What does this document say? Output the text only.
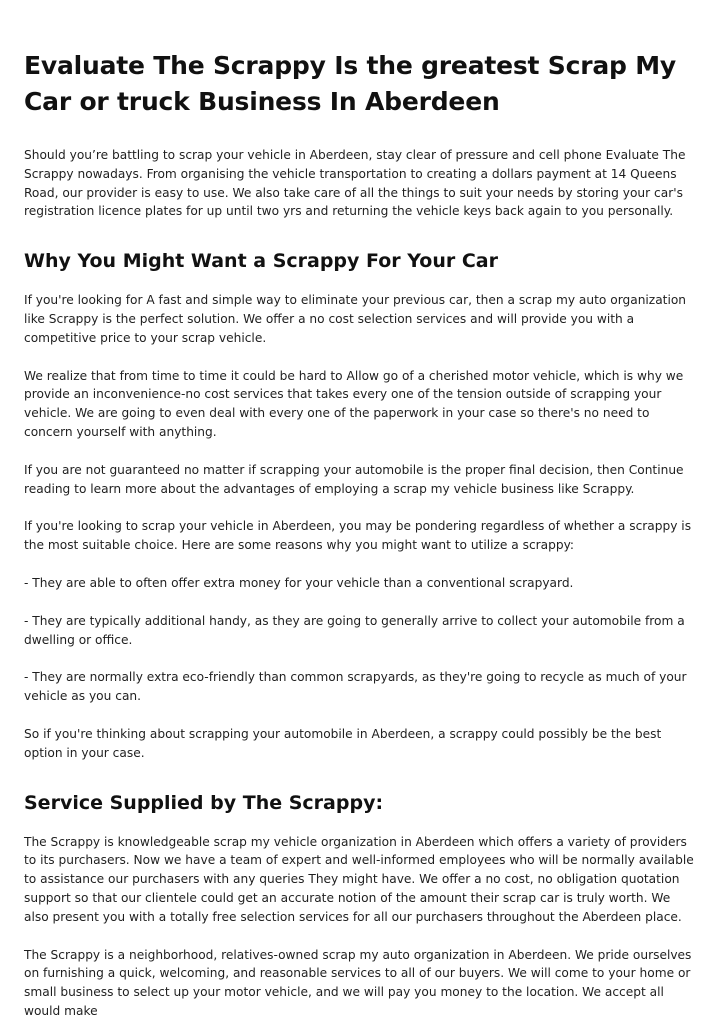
Evaluate The Scrappy Is the greatest Scrap My Car or truck Business In Aberdeen

Should you’re battling to scrap your vehicle in Aberdeen, stay clear of pressure and cell phone Evaluate The Scrappy nowadays. From organising the vehicle transportation to creating a dollars payment at 14 Queens Road, our provider is easy to use. We also take care of all the things to suit your needs by storing your car's registration licence plates for up until two yrs and returning the vehicle keys back again to you personally.

Why You Might Want a Scrappy For Your Car

If you're looking for A fast and simple way to eliminate your previous car, then a scrap my auto organization like Scrappy is the perfect solution. We offer a no cost selection services and will provide you with a competitive price to your scrap vehicle.

We realize that from time to time it could be hard to Allow go of a cherished motor vehicle, which is why we provide an inconvenience-no cost services that takes every one of the tension outside of scrapping your vehicle. We are going to even deal with every one of the paperwork in your case so there's no need to concern yourself with anything.

If you are not guaranteed no matter if scrapping your automobile is the proper final decision, then Continue reading to learn more about the advantages of employing a scrap my vehicle business like Scrappy.

If you're looking to scrap your vehicle in Aberdeen, you may be pondering regardless of whether a scrappy is the most suitable choice. Here are some reasons why you might want to utilize a scrappy:

- They are able to often offer extra money for your vehicle than a conventional scrapyard.

- They are typically additional handy, as they are going to generally arrive to collect your automobile from a dwelling or office.

- They are normally extra eco-friendly than common scrapyards, as they're going to recycle as much of your vehicle as you can.

So if you're thinking about scrapping your automobile in Aberdeen, a scrappy could possibly be the best option in your case.

Service Supplied by The Scrappy:

The Scrappy is knowledgeable scrap my vehicle organization in Aberdeen which offers a variety of providers to its purchasers. Now we have a team of expert and well-informed employees who will be normally available to assistance our purchasers with any queries They might have. We offer a no cost, no obligation quotation support so that our clientele could get an accurate notion of the amount their scrap car is truly worth. We also present you with a totally free selection services for all our purchasers throughout the Aberdeen place.

The Scrappy is a neighborhood, relatives-owned scrap my auto organization in Aberdeen. We pride ourselves on furnishing a quick, welcoming, and reasonable services to all of our buyers. We will come to your home or small business to select up your motor vehicle, and we will pay you money to the location. We accept all would make
